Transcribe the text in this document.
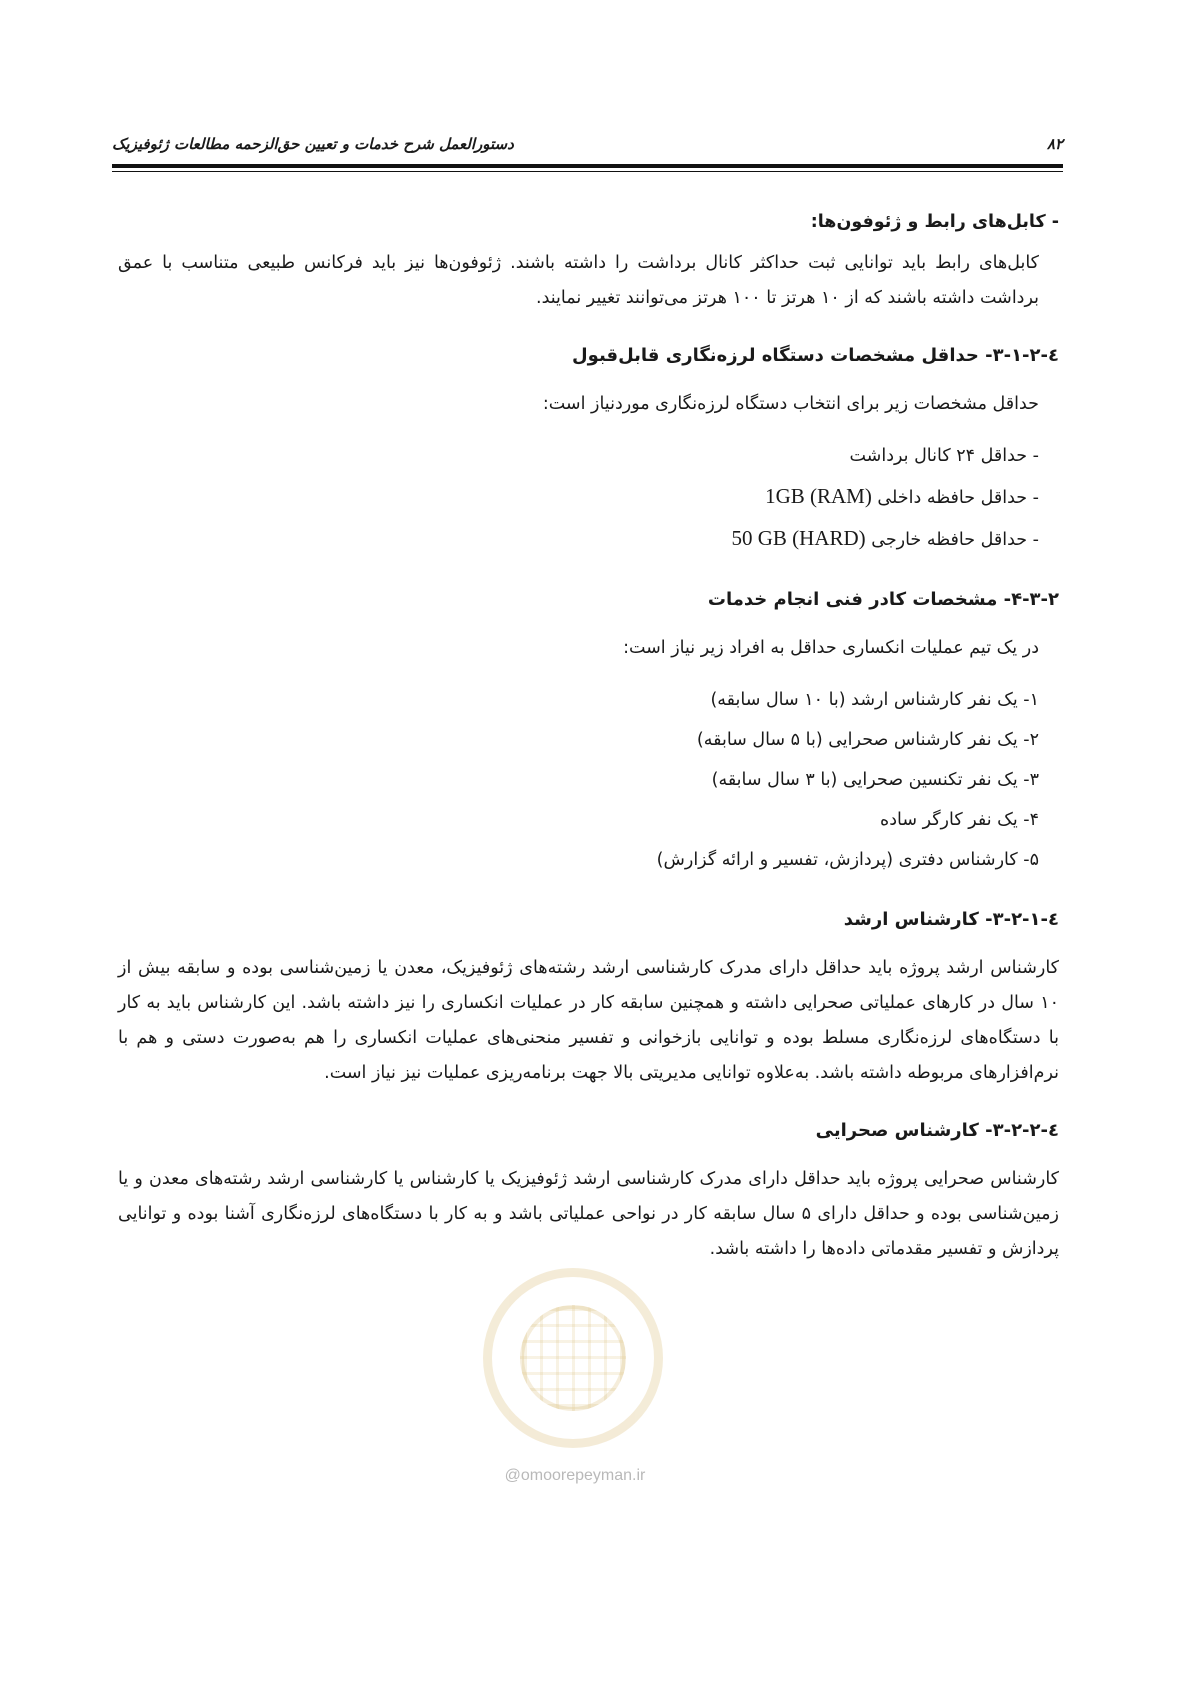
دستورالعمل شرح خدمات و تعیین حق‌الزحمه مطالعات ژئوفیزیک	۸۲

- کابل‌های رابط و ژئوفون‌ها:

کابل‌های رابط باید توانایی ثبت حداکثر کانال برداشت را داشته باشند. ژئوفون‌ها نیز باید فرکانس طبیعی متناسب با عمق برداشت داشته باشند که از ۱۰ هرتز تا ۱۰۰ هرتز می‌توانند تغییر نمایند.

٤-۳-۱-۲- حداقل مشخصات دستگاه لرزه‌نگاری قابل‌قبول

حداقل مشخصات زیر برای انتخاب دستگاه لرزه‌نگاری موردنیاز است:

- حداقل ۲۴ کانال برداشت

- حداقل حافظه داخلی 1GB (RAM)

- حداقل حافظه خارجی 50 GB (HARD)

۴-۳-۲- مشخصات کادر فنی انجام خدمات

در یک تیم عملیات انکساری حداقل به افراد زیر نیاز است:

۱- یک نفر کارشناس ارشد (با ۱۰ سال سابقه)

۲- یک نفر کارشناس صحرایی (با ۵ سال سابقه)

۳- یک نفر تکنسین صحرایی (با ۳ سال سابقه)

۴- یک نفر کارگر ساده

۵- کارشناس دفتری (پردازش، تفسیر و ارائه گزارش)

٤-۳-۲-۱- کارشناس ارشد

کارشناس ارشد پروژه باید حداقل دارای مدرک کارشناسی ارشد رشته‌های ژئوفیزیک، معدن یا زمین‌شناسی بوده و سابقه بیش از ۱۰ سال در کارهای عملیاتی صحرایی داشته و همچنین سابقه کار در عملیات انکساری را نیز داشته باشد. این کارشناس باید به کار با دستگاه‌های لرزه‌نگاری مسلط بوده و توانایی بازخوانی و تفسیر منحنی‌های عملیات انکساری را هم به‌صورت دستی و هم با نرم‌افزارهای مربوطه داشته باشد. به‌علاوه توانایی مدیریتی بالا جهت برنامه‌ریزی عملیات نیز نیاز است.

٤-۳-۲-۲- کارشناس صحرایی

کارشناس صحرایی پروژه باید حداقل دارای مدرک کارشناسی ارشد ژئوفیزیک یا کارشناس یا کارشناسی ارشد رشته‌های معدن و یا زمین‌شناسی بوده و حداقل دارای ۵ سال سابقه کار در نواحی عملیاتی باشد و به کار با دستگاه‌های لرزه‌نگاری آشنا بوده و توانایی پردازش و تفسیر مقدماتی داده‌ها را داشته باشد.

@omoorepeyman.ir
